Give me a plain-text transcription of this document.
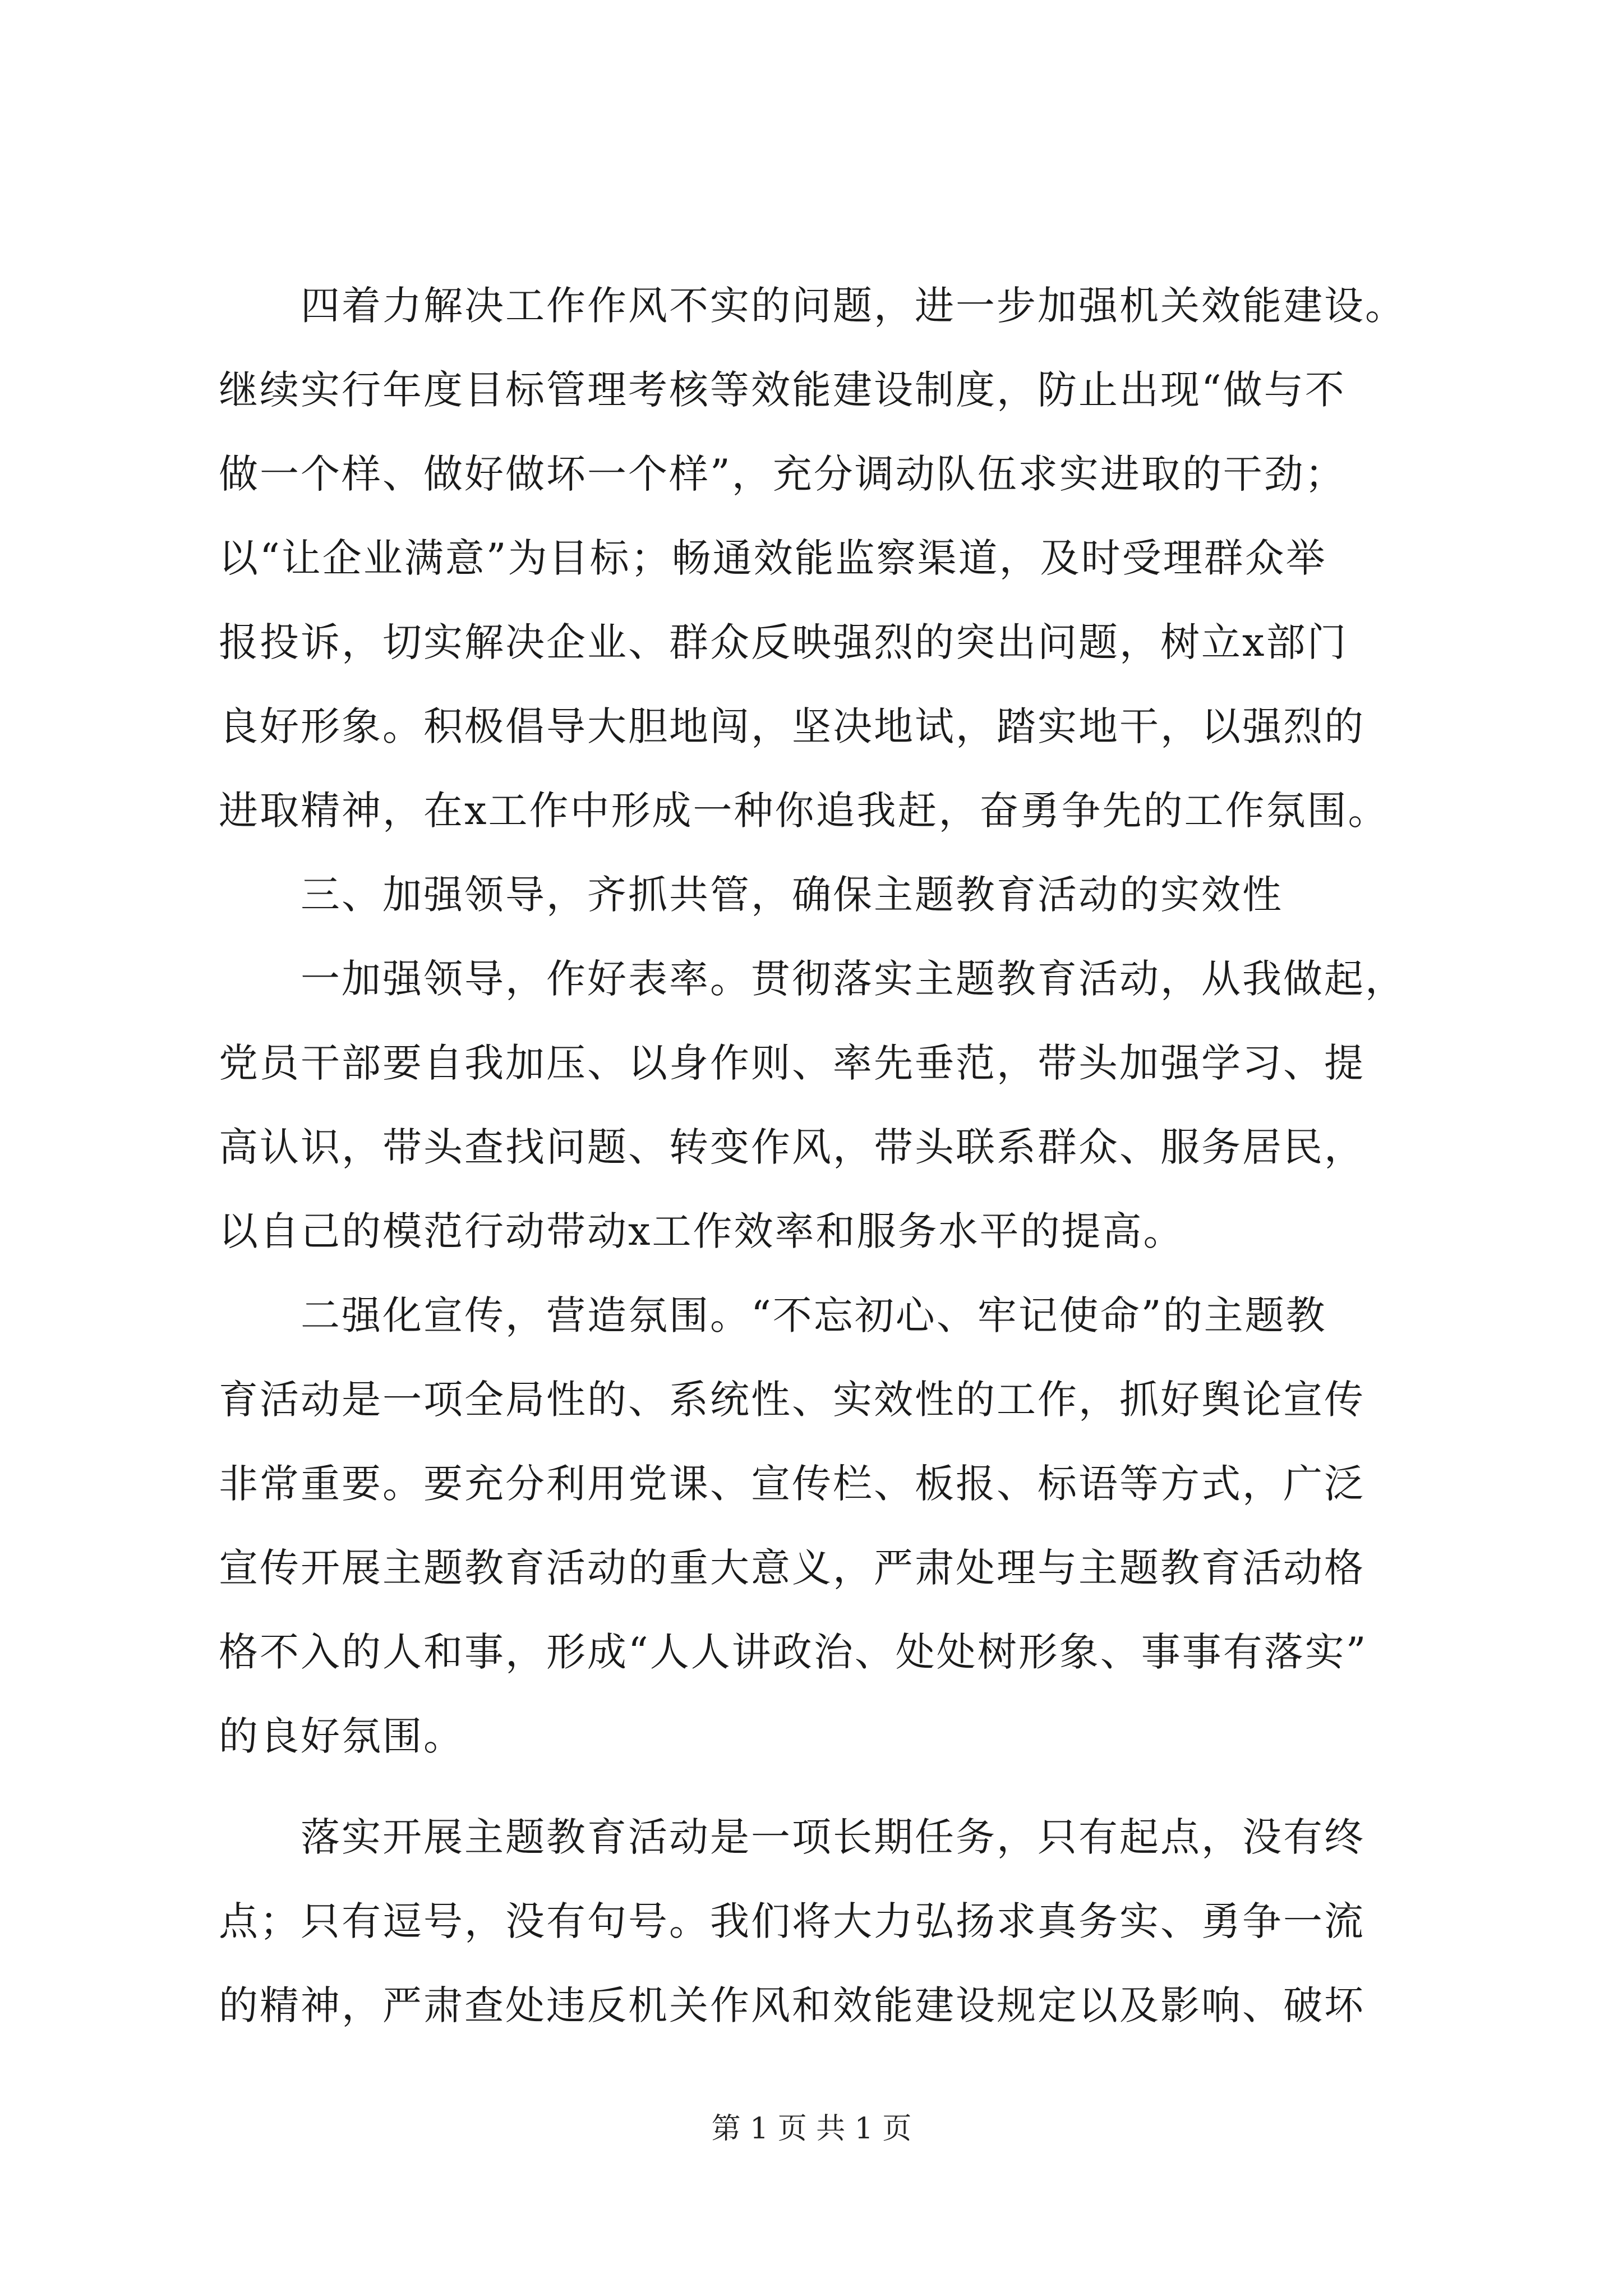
　　四着力解决工作作风不实的问题，进一步加强机关效能建设。
继续实行年度目标管理考核等效能建设制度，防止出现“做与不
做一个样、做好做坏一个样”，充分调动队伍求实进取的干劲；
以“让企业满意”为目标；畅通效能监察渠道，及时受理群众举
报投诉，切实解决企业、群众反映强烈的突出问题，树立x部门
良好形象。积极倡导大胆地闯，坚决地试，踏实地干，以强烈的
进取精神，在x工作中形成一种你追我赶，奋勇争先的工作氛围。
　　三、加强领导，齐抓共管，确保主题教育活动的实效性
　　一加强领导，作好表率。贯彻落实主题教育活动，从我做起，
党员干部要自我加压、以身作则、率先垂范，带头加强学习、提
高认识，带头查找问题、转变作风，带头联系群众、服务居民，
以自己的模范行动带动x工作效率和服务水平的提高。
　　二强化宣传，营造氛围。“不忘初心、牢记使命”的主题教
育活动是一项全局性的、系统性、实效性的工作，抓好舆论宣传
非常重要。要充分利用党课、宣传栏、板报、标语等方式，广泛
宣传开展主题教育活动的重大意义，严肃处理与主题教育活动格
格不入的人和事，形成“人人讲政治、处处树形象、事事有落实”
的良好氛围。
　　落实开展主题教育活动是一项长期任务，只有起点，没有终
点；只有逗号，没有句号。我们将大力弘扬求真务实、勇争一流
的精神，严肃查处违反机关作风和效能建设规定以及影响、破坏
第 1 页 共 1 页
